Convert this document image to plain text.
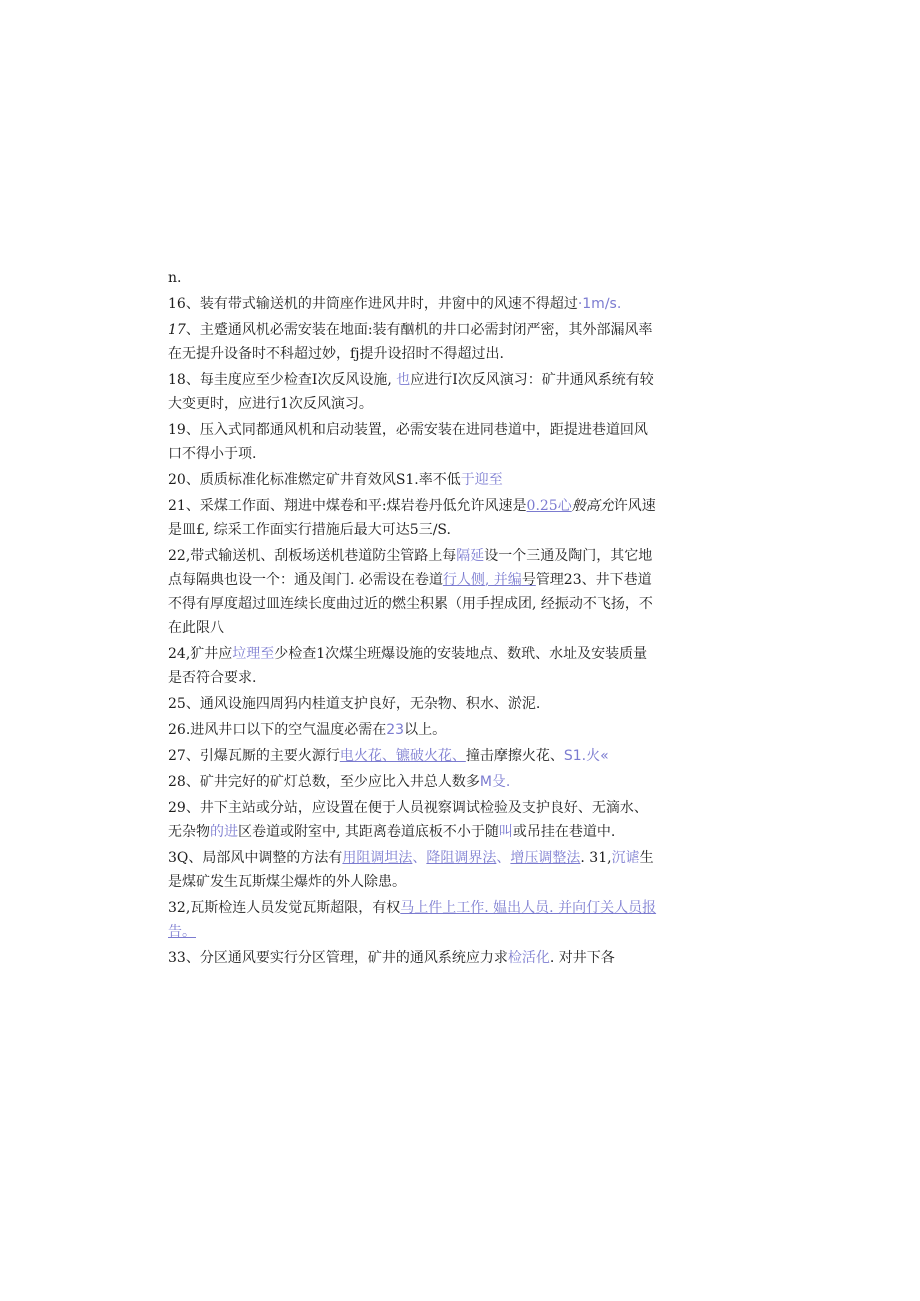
n.
16、装有带式输送机的井筒座作进风井时，井窗中的风速不得超过·1m∕s.
17、主蹙通风机必需安装在地面:装有酗机的井口必需封闭严密，其外部漏风率
在无提升设备时不科超过妙，fj提升设招时不得超过出.
18、每圭度应至少检查I次反风设施, 也应进行I次反风演习：矿井通风系统有较
大变更时，应进行1次反风演习。
19、压入式同都通风机和启动装置，必需安装在进同巷道中，距提进巷道回风
口不得小于项.
20、质质标准化标准燃定矿井育效风S1.率不低于迎至
21、采煤工作面、翔进中煤卷和平:煤岩卷丹低允许风速是0.25心般高允许风速
是皿£, 综采工作面实行措施后最大可达5三∕S.
22,带式输送机、刮板场送机巷道防尘管路上每隔延设一个三通及陶门，其它地
点每隔典也设一个：通及闺门. 必需设在卷道行人侧, 并编号管理23、井下巷道
不得有厚度超过皿连续长度曲过近的燃尘积累（用手捏成团, 经振动不飞扬，不
在此限八
24,犷井应垃理至少检查1次煤尘班爆设施的安装地点、数玳、水址及安装质量
是否符合要求.
25、通风设施四周犸内桂道支护良好，无杂物、积水、淤泥.
26.进风井口以下的空气温度必需在23以上。
27、引爆瓦厮的主要火源行电火花、镳破火花、撞击摩擦火花、S1.火«
28、矿井完好的矿灯总数，至少应比入井总人数多M殳.
29、井下主站或分站，应设置在便于人员视察调试检验及支护良好、无滴水、
无杂物的进区卷道或附室中, 其距离卷道底板不小于随叫或吊挂在巷道中.
3Q、局部风中调整的方法有用阻调坦法、降阻调界法、增压调整法. 31,沉谑生
是煤矿发生瓦斯煤尘爆炸的外人除患。
32,瓦斯检连人员发觉瓦斯超限，有权马上件上工作. 媪出人员. 并向仃关人员报
告。
33、分区通风要实行分区管理，矿井的通风系统应力求检活化. 对井下各
